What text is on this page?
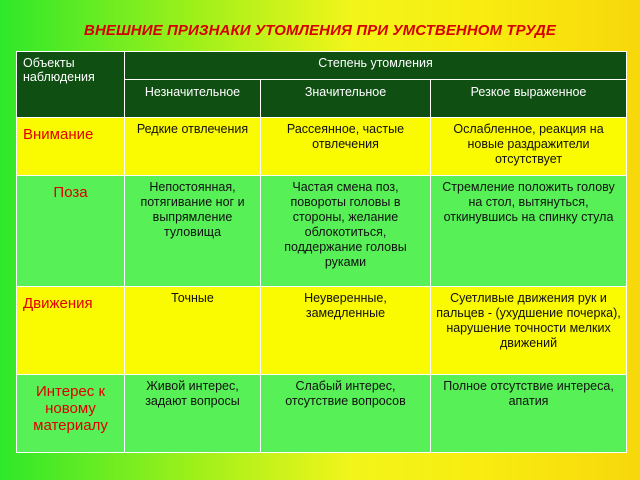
ВНЕШНИЕ ПРИЗНАКИ УТОМЛЕНИЯ ПРИ УМСТВЕННОМ ТРУДЕ
Объекты наблюдения	Степень утомления		
	Незначительное	Значительное	Резкое выраженное
Внимание	Редкие отвлечения	Рассеянное, частые отвлечения	Ослабленное, реакция на новые раздражители отсутствует
Поза	Непостоянная, потягивание ног и выпрямление туловища	Частая смена поз, повороты головы в стороны, желание облокотиться, поддержание головы руками	Стремление положить голову на стол, вытянуться, откинувшись на спинку стула
Движения	Точные	Неуверенные, замедленные	Суетливые движения рук и пальцев - (ухудшение почерка), нарушение точности мелких движений
Интерес к новому материалу	Живой интерес, задают вопросы	Слабый интерес, отсутствие вопросов	Полное отсутствие интереса, апатия
